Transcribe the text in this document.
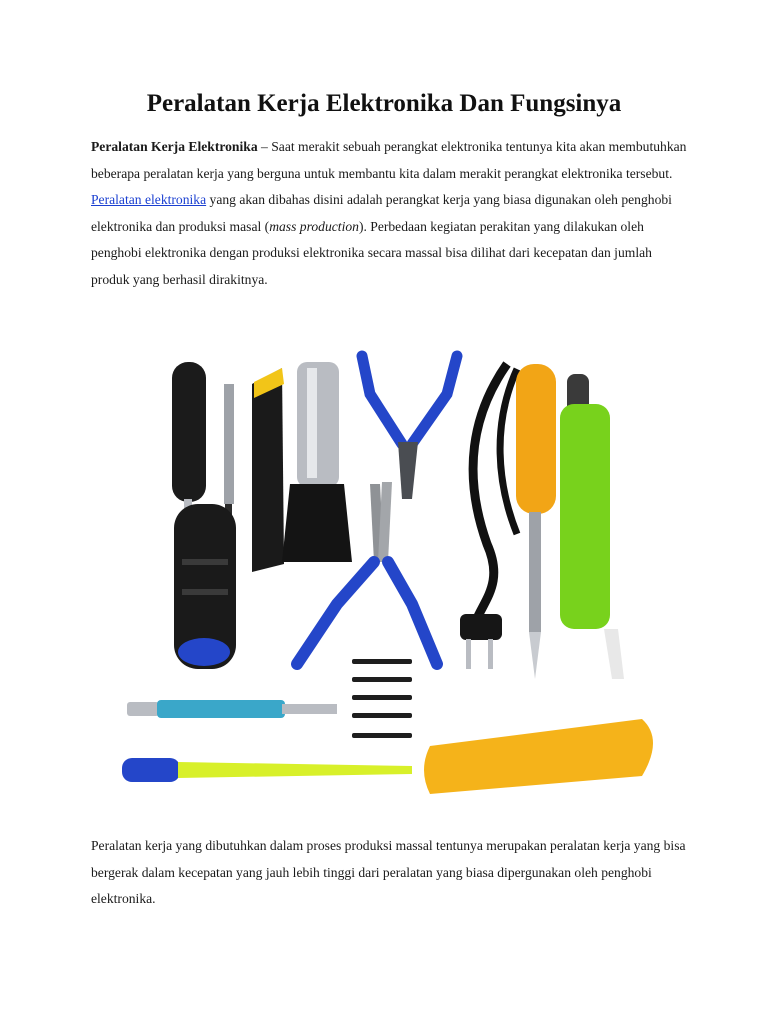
Peralatan Kerja Elektronika Dan Fungsinya

Peralatan Kerja Elektronika – Saat merakit sebuah perangkat elektronika tentunya kita akan membutuhkan beberapa peralatan kerja yang berguna untuk membantu kita dalam merakit perangkat elektronika tersebut. Peralatan elektronika yang akan dibahas disini adalah perangkat kerja yang biasa digunakan oleh penghobi elektronika dan produksi masal (mass production). Perbedaan kegiatan perakitan yang dilakukan oleh penghobi elektronika dengan produksi elektronika secara massal bisa dilihat dari kecepatan dan jumlah produk yang berhasil dirakitnya.

Peralatan kerja yang dibutuhkan dalam proses produksi massal tentunya merupakan peralatan kerja yang bisa bergerak dalam kecepatan yang jauh lebih tinggi dari peralatan yang biasa dipergunakan oleh penghobi elektronika.
